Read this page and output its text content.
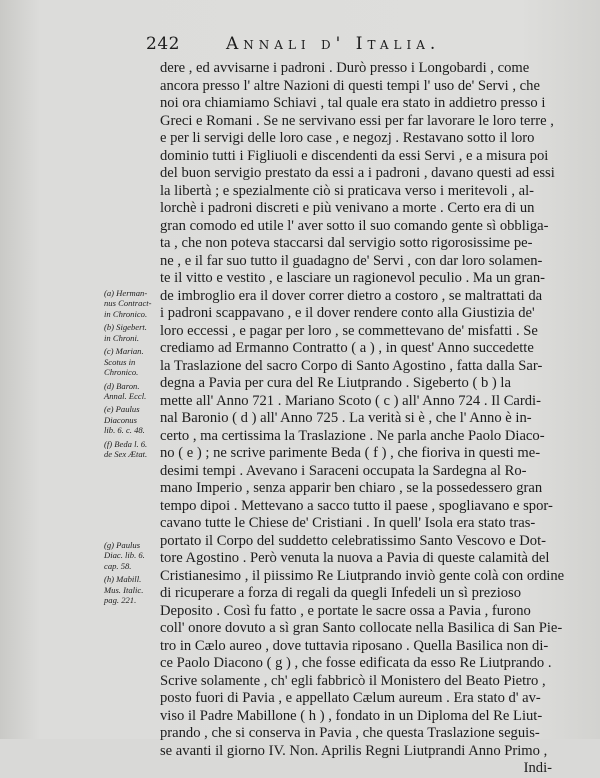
242	Annali d' Italia.
dere , ed avvisarne i padroni . Durò presso i Longobardi , come
ancora presso l' altre Nazioni di questi tempi l' uso de' Servi , che
noi ora chiamiamo Schiavi , tal quale era stato in addietro presso i
Greci e Romani . Se ne servivano essi per far lavorare le loro terre ,
e per li servigi delle loro case , e negozj . Restavano sotto il loro
dominio tutti i Figliuoli e discendenti da essi Servi , e a misura poi
del buon servigio prestato da essi a i padroni , davano questi ad essi
la libertà ; e spezialmente ciò si praticava verso i meritevoli , al-
lorchè i padroni discreti e più venivano a morte . Certo era di un
gran comodo ed utile l' aver sotto il suo comando gente sì obbliga-
ta , che non poteva staccarsi dal servigio sotto rigorosissime pe-
ne , e il far suo tutto il guadagno de' Servi , con dar loro solamen-
te il vitto e vestito , e lasciare un ragionevol peculio . Ma un gran-
de imbroglio era il dover correr dietro a costoro , se maltrattati da
i padroni scappavano , e il dover rendere conto alla Giustizia de'
loro eccessi , e pagar per loro , se commettevano de' misfatti . Se
crediamo ad Ermanno Contratto ( a ) , in quest' Anno succedette
la Traslazione del sacro Corpo di Santo Agostino , fatta dalla Sar-
degna a Pavia per cura del Re Liutprando . Sigeberto ( b ) la
mette all' Anno 721 . Mariano Scoto ( c ) all' Anno 724 . Il Cardi-
nal Baronio ( d ) all' Anno 725 . La verità si è , che l' Anno è in-
certo , ma certissima la Traslazione . Ne parla anche Paolo Diaco-
no ( e ) ; ne scrive parimente Beda ( f ) , che fioriva in questi me-
desimi tempi . Avevano i Saraceni occupata la Sardegna al Ro-
mano Imperio , senza apparir ben chiaro , se la possedessero gran
tempo dipoi . Mettevano a sacco tutto il paese , spogliavano e spor-
cavano tutte le Chiese de' Cristiani . In quell' Isola era stato tras-
portato il Corpo del suddetto celebratissimo Santo Vescovo e Dot-
tore Agostino . Però venuta la nuova a Pavia di queste calamità del
Cristianesimo , il piissimo Re Liutprando inviò gente colà con ordine
di ricuperare a forza di regali da quegli Infedeli un sì prezioso
Deposito . Così fu fatto , e portate le sacre ossa a Pavia , furono
coll' onore dovuto a sì gran Santo collocate nella Basilica di San Pie-
tro in Cælo aureo , dove tuttavia riposano . Quella Basilica non di-
ce Paolo Diacono ( g ) , che fosse edificata da esso Re Liutprando .
Scrive solamente , ch' egli fabbricò il Monistero del Beato Pietro ,
posto fuori di Pavia , e appellato Cælum aureum . Era stato d' av-
viso il Padre Mabillone ( h ) , fondato in un Diploma del Re Liut-
prando , che si conserva in Pavia , che questa Traslazione seguis-
se avanti il giorno IV. Non. Aprilis Regni Liutprandi Anno Primo ,
Indi-
(a) Herman-
nus Contract-
in Chronico.
(b) Sigebert.
in Chroni.
(c) Marian.
Scotus in
Chronico.
(d) Baron.
Annal. Eccl.
(e) Paulus
Diaconus
lib. 6. c. 48.
(f) Beda l. 6.
de Sex Ætat.
(g) Paulus
Diac. lib. 6.
cap. 58.
(h) Mabill.
Mus. Italic.
pag. 221.
